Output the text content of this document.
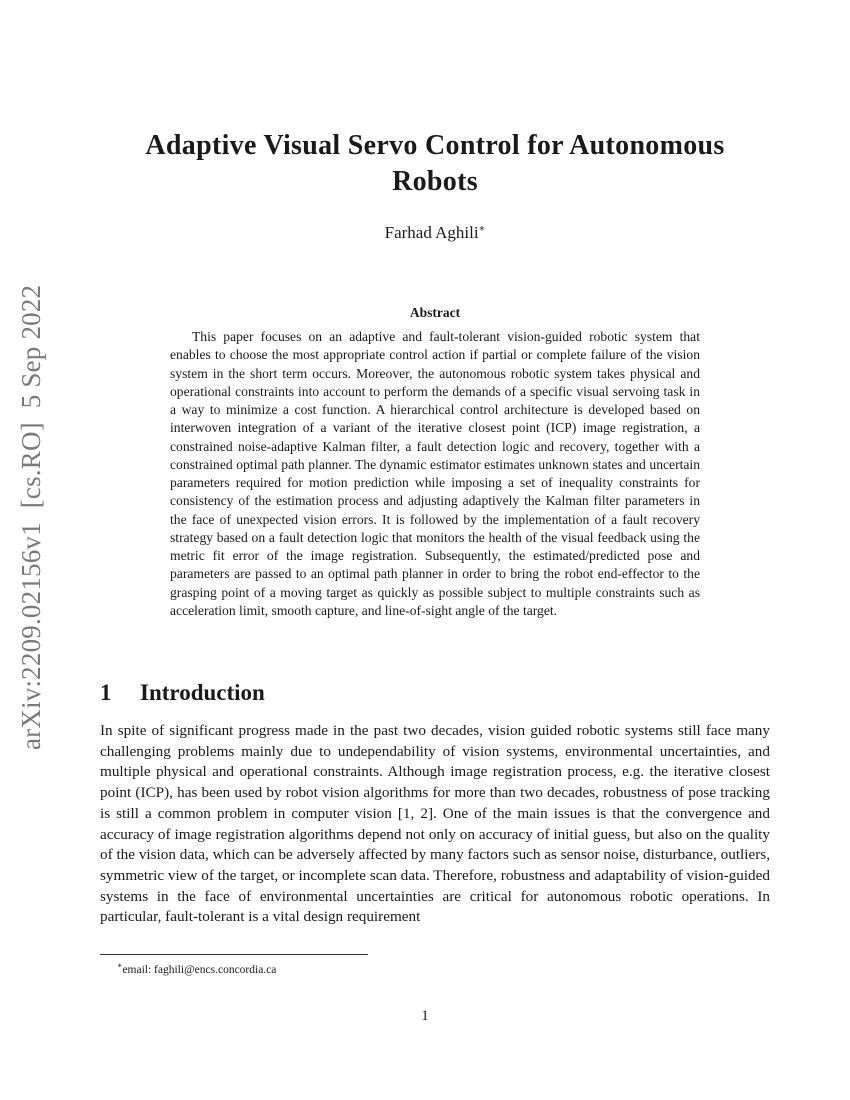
arXiv:2209.02156v1  [cs.RO]  5 Sep 2022
Adaptive Visual Servo Control for Autonomous Robots
Farhad Aghili∗
Abstract
This paper focuses on an adaptive and fault-tolerant vision-guided robotic system that enables to choose the most appropriate control action if partial or complete failure of the vision system in the short term occurs. Moreover, the autonomous robotic system takes physical and operational constraints into account to perform the demands of a specific visual servoing task in a way to minimize a cost function. A hierarchical control architecture is developed based on interwoven integration of a variant of the iterative closest point (ICP) image registration, a constrained noise-adaptive Kalman filter, a fault detection logic and recovery, together with a constrained optimal path planner. The dynamic estimator estimates unknown states and uncertain parameters required for motion prediction while imposing a set of inequality constraints for consistency of the estimation process and adjusting adaptively the Kalman filter parameters in the face of unexpected vision errors. It is followed by the implementation of a fault recovery strategy based on a fault detection logic that monitors the health of the visual feedback using the metric fit error of the image registration. Subsequently, the estimated/predicted pose and parameters are passed to an optimal path planner in order to bring the robot end-effector to the grasping point of a moving target as quickly as possible subject to multiple constraints such as acceleration limit, smooth capture, and line-of-sight angle of the target.
1 Introduction
In spite of significant progress made in the past two decades, vision guided robotic systems still face many challenging problems mainly due to undependability of vision systems, environmental uncertainties, and multiple physical and operational constraints. Although image registration process, e.g. the iterative closest point (ICP), has been used by robot vision algorithms for more than two decades, robustness of pose tracking is still a common problem in computer vision [1, 2]. One of the main issues is that the convergence and accuracy of image registration algorithms depend not only on accuracy of initial guess, but also on the quality of the vision data, which can be adversely affected by many factors such as sensor noise, disturbance, outliers, symmetric view of the target, or incomplete scan data. Therefore, robustness and adaptability of vision-guided systems in the face of environmental uncertainties are critical for autonomous robotic operations. In particular, fault-tolerant is a vital design requirement
∗email: faghili@encs.concordia.ca
1
